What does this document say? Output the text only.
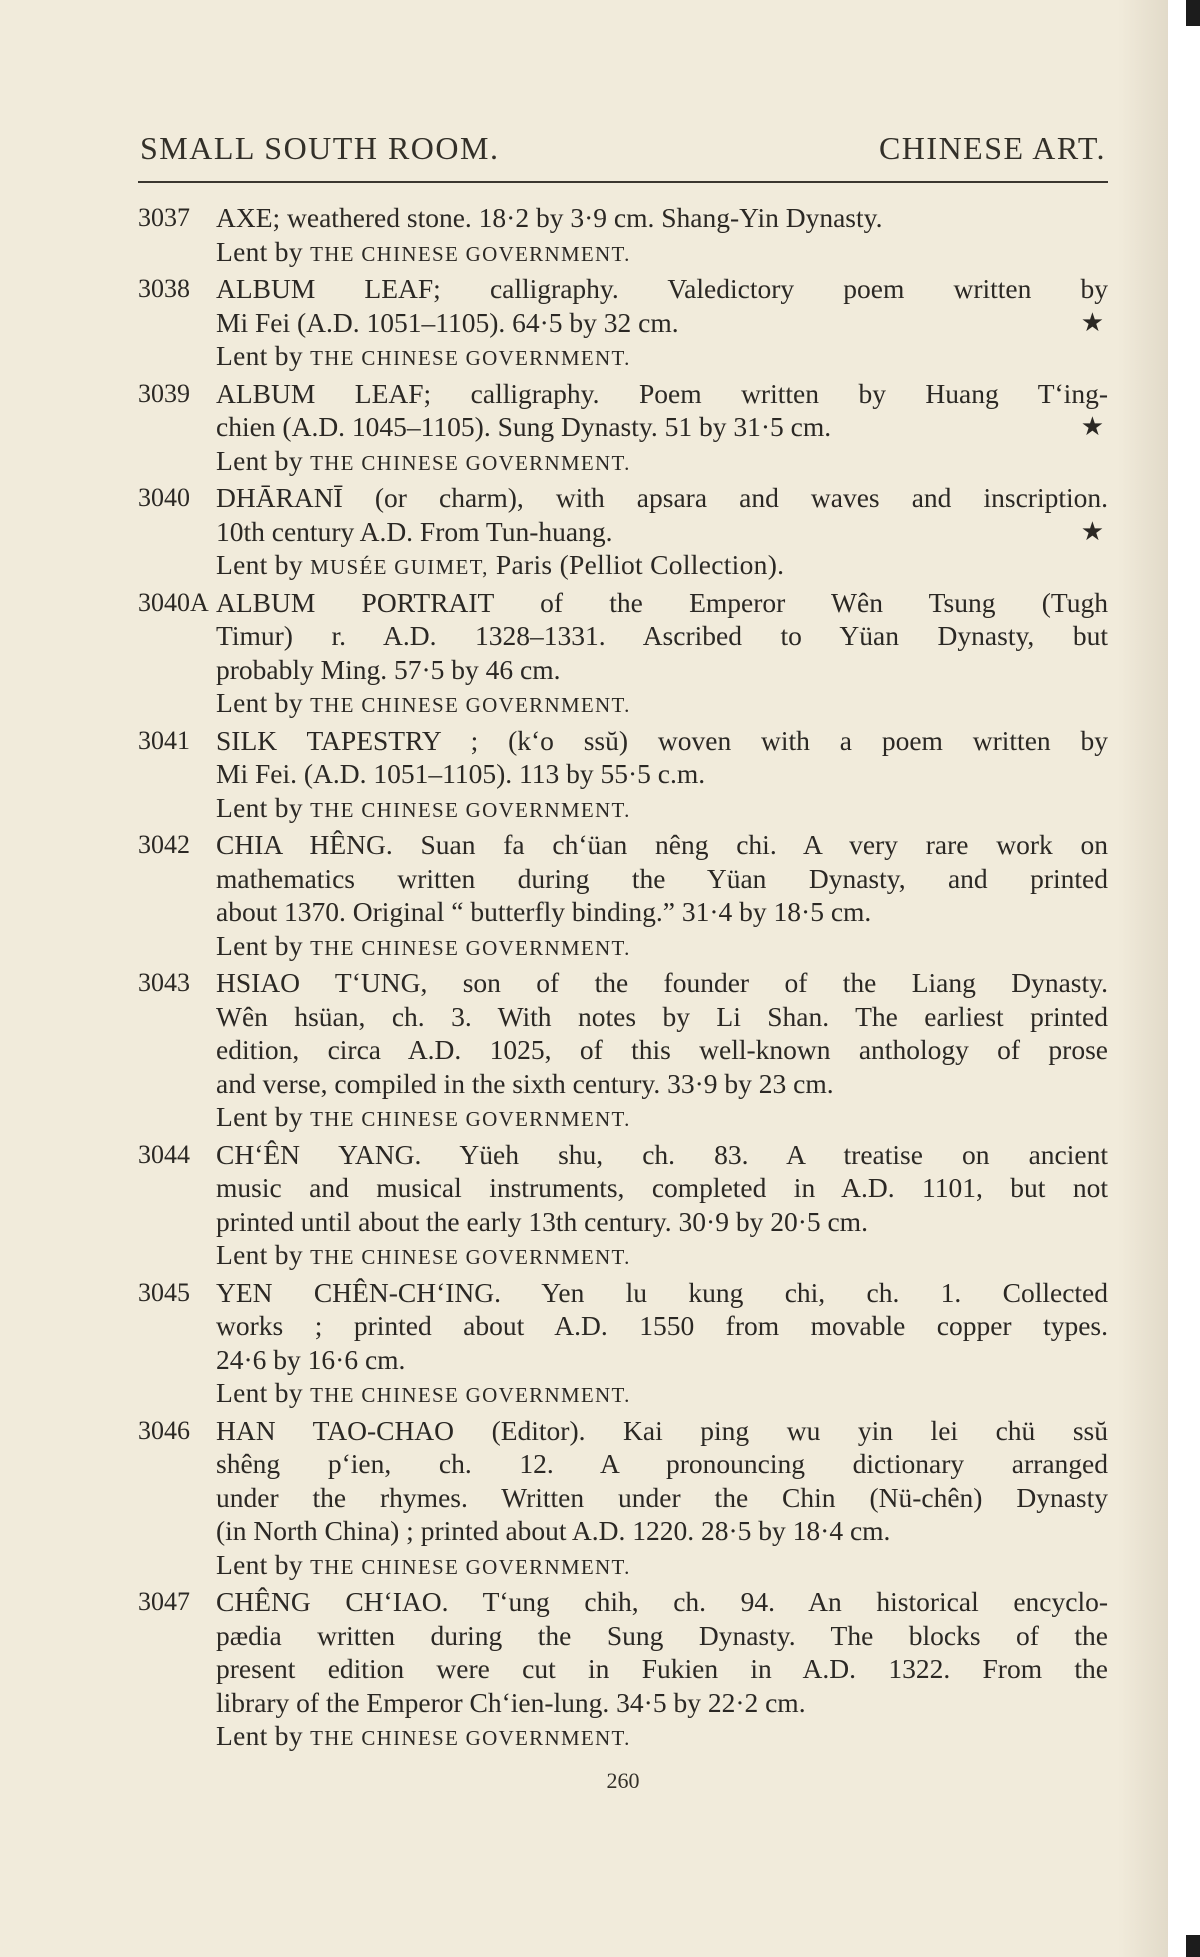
SMALL SOUTH ROOM.	CHINESE ART.
3037 AXE; weathered stone. 18·2 by 3·9 cm. Shang-Yin Dynasty.
Lent by THE CHINESE GOVERNMENT.
3038 ALBUM LEAF; calligraphy. Valedictory poem written by
★
Mi Fei (A.D. 1051–1105). 64·5 by 32 cm.
Lent by THE CHINESE GOVERNMENT.
3039 ALBUM LEAF; calligraphy. Poem written by Huang T‘ing-
★
chien (A.D. 1045–1105). Sung Dynasty. 51 by 31·5 cm.
Lent by THE CHINESE GOVERNMENT.
3040 DHĀRANĪ (or charm), with apsara and waves and inscription.
★
10th century A.D. From Tun-huang.
Lent by MUSÉE GUIMET, Paris (Pelliot Collection).
3040A ALBUM PORTRAIT of the Emperor Wên Tsung (Tugh
Timur) r. A.D. 1328–1331. Ascribed to Yüan Dynasty, but
probably Ming. 57·5 by 46 cm.
Lent by THE CHINESE GOVERNMENT.
3041 SILK TAPESTRY ; (k‘o ssŭ) woven with a poem written by
Mi Fei. (A.D. 1051–1105). 113 by 55·5 c.m.
Lent by THE CHINESE GOVERNMENT.
3042 CHIA HÊNG. Suan fa ch‘üan nêng chi. A very rare work on
mathematics written during the Yüan Dynasty, and printed
about 1370. Original “ butterfly binding.” 31·4 by 18·5 cm.
Lent by THE CHINESE GOVERNMENT.
3043 HSIAO T‘UNG, son of the founder of the Liang Dynasty.
Wên hsüan, ch. 3. With notes by Li Shan. The earliest printed
edition, circa A.D. 1025, of this well-known anthology of prose
and verse, compiled in the sixth century. 33·9 by 23 cm.
Lent by THE CHINESE GOVERNMENT.
3044 CH‘ÊN YANG. Yüeh shu, ch. 83. A treatise on ancient
music and musical instruments, completed in A.D. 1101, but not
printed until about the early 13th century. 30·9 by 20·5 cm.
Lent by THE CHINESE GOVERNMENT.
3045 YEN CHÊN-CH‘ING. Yen lu kung chi, ch. 1. Collected
works ; printed about A.D. 1550 from movable copper types.
24·6 by 16·6 cm.
Lent by THE CHINESE GOVERNMENT.
3046 HAN TAO-CHAO (Editor). Kai ping wu yin lei chü ssŭ
shêng p‘ien, ch. 12. A pronouncing dictionary arranged
under the rhymes. Written under the Chin (Nü-chên) Dynasty
(in North China) ; printed about A.D. 1220. 28·5 by 18·4 cm.
Lent by THE CHINESE GOVERNMENT.
3047 CHÊNG CH‘IAO. T‘ung chih, ch. 94. An historical encyclo-
pædia written during the Sung Dynasty. The blocks of the
present edition were cut in Fukien in A.D. 1322. From the
library of the Emperor Ch‘ien-lung. 34·5 by 22·2 cm.
Lent by THE CHINESE GOVERNMENT.
260
